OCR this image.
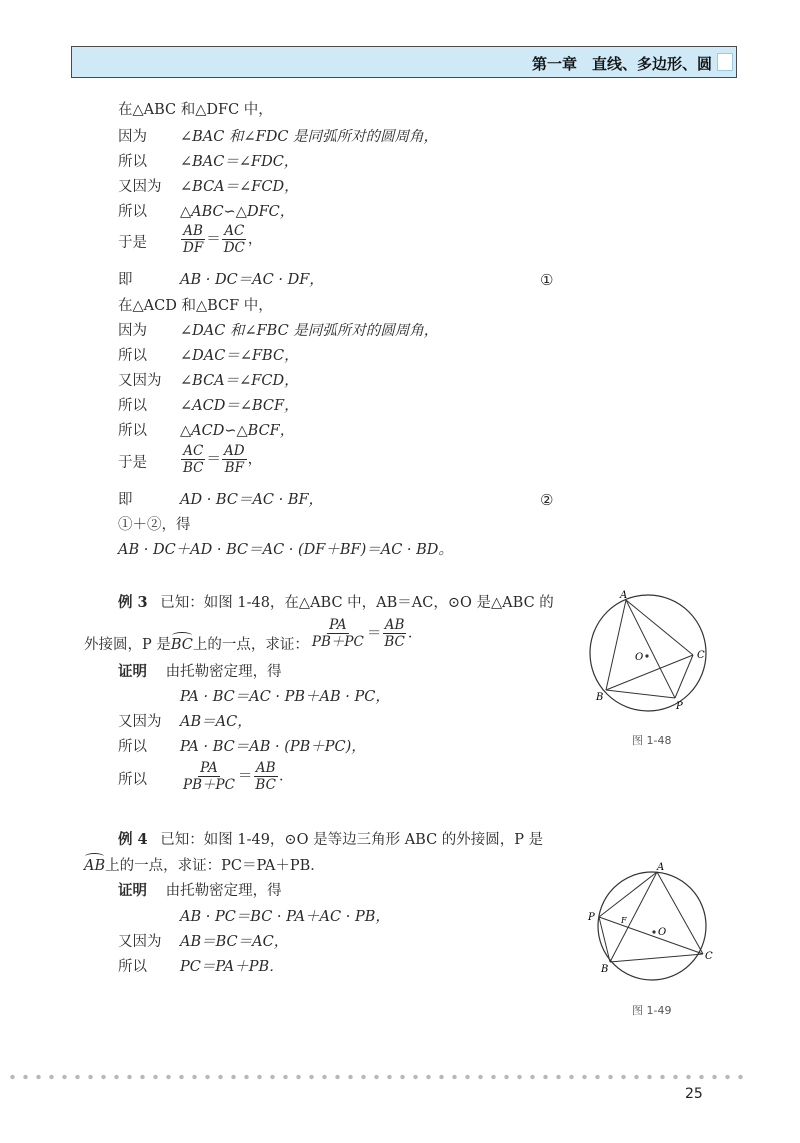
第一章　直线、多边形、圆
在△ABC 和△DFC 中，
因为 ∠BAC 和∠FDC 是同弧所对的圆周角，
所以 ∠BAC＝∠FDC，
又因为 ∠BCA＝∠FCD，
所以 △ABC∽△DFC，
于是	$\frac{AB}{DF} = \frac{AC}{DC}$ ，
即	AB · DC＝AC · DF，	①
在△ACD 和△BCF 中，
因为 ∠DAC 和∠FBC 是同弧所对的圆周角，
所以 ∠DAC＝∠FBC，
又因为 ∠BCA＝∠FCD，
所以 ∠ACD＝∠BCF，
所以 △ACD∽△BCF，
于是	$\frac{AC}{BC} = \frac{AD}{BF}$ ，
即	AD · BC＝AC · BF，	②
①＋②，得
AB · DC＋AD · BC＝AC · (DF＋BF)＝AC · BD。
例 3 已知：如图 1-48，在△ABC 中，AB＝AC，⊙O 是△ABC 的
外接圆，P 是BC上的一点，求证： $\frac{PA}{PB+PC} = \frac{AB}{BC}$ ．
证明 由托勒密定理，得
PA · BC＝AC · PB＋AB · PC，
又因为 AB＝AC，
所以 PA · BC＝AB · (PB＋PC)，
所以	$\frac{PA}{PB+PC} = \frac{AB}{BC}$ ．
A
B
C
P
O
图 1-48
例 4 已知：如图 1-49，⊙O 是等边三角形 ABC 的外接圆，P 是
AB上的一点，求证：PC＝PA＋PB．
证明 由托勒密定理，得
AB · PC＝BC · PA＋AC · PB，
又因为 AB＝BC＝AC，
所以 PC＝PA＋PB．
A
B
C
P
O
F
图 1-49
25
